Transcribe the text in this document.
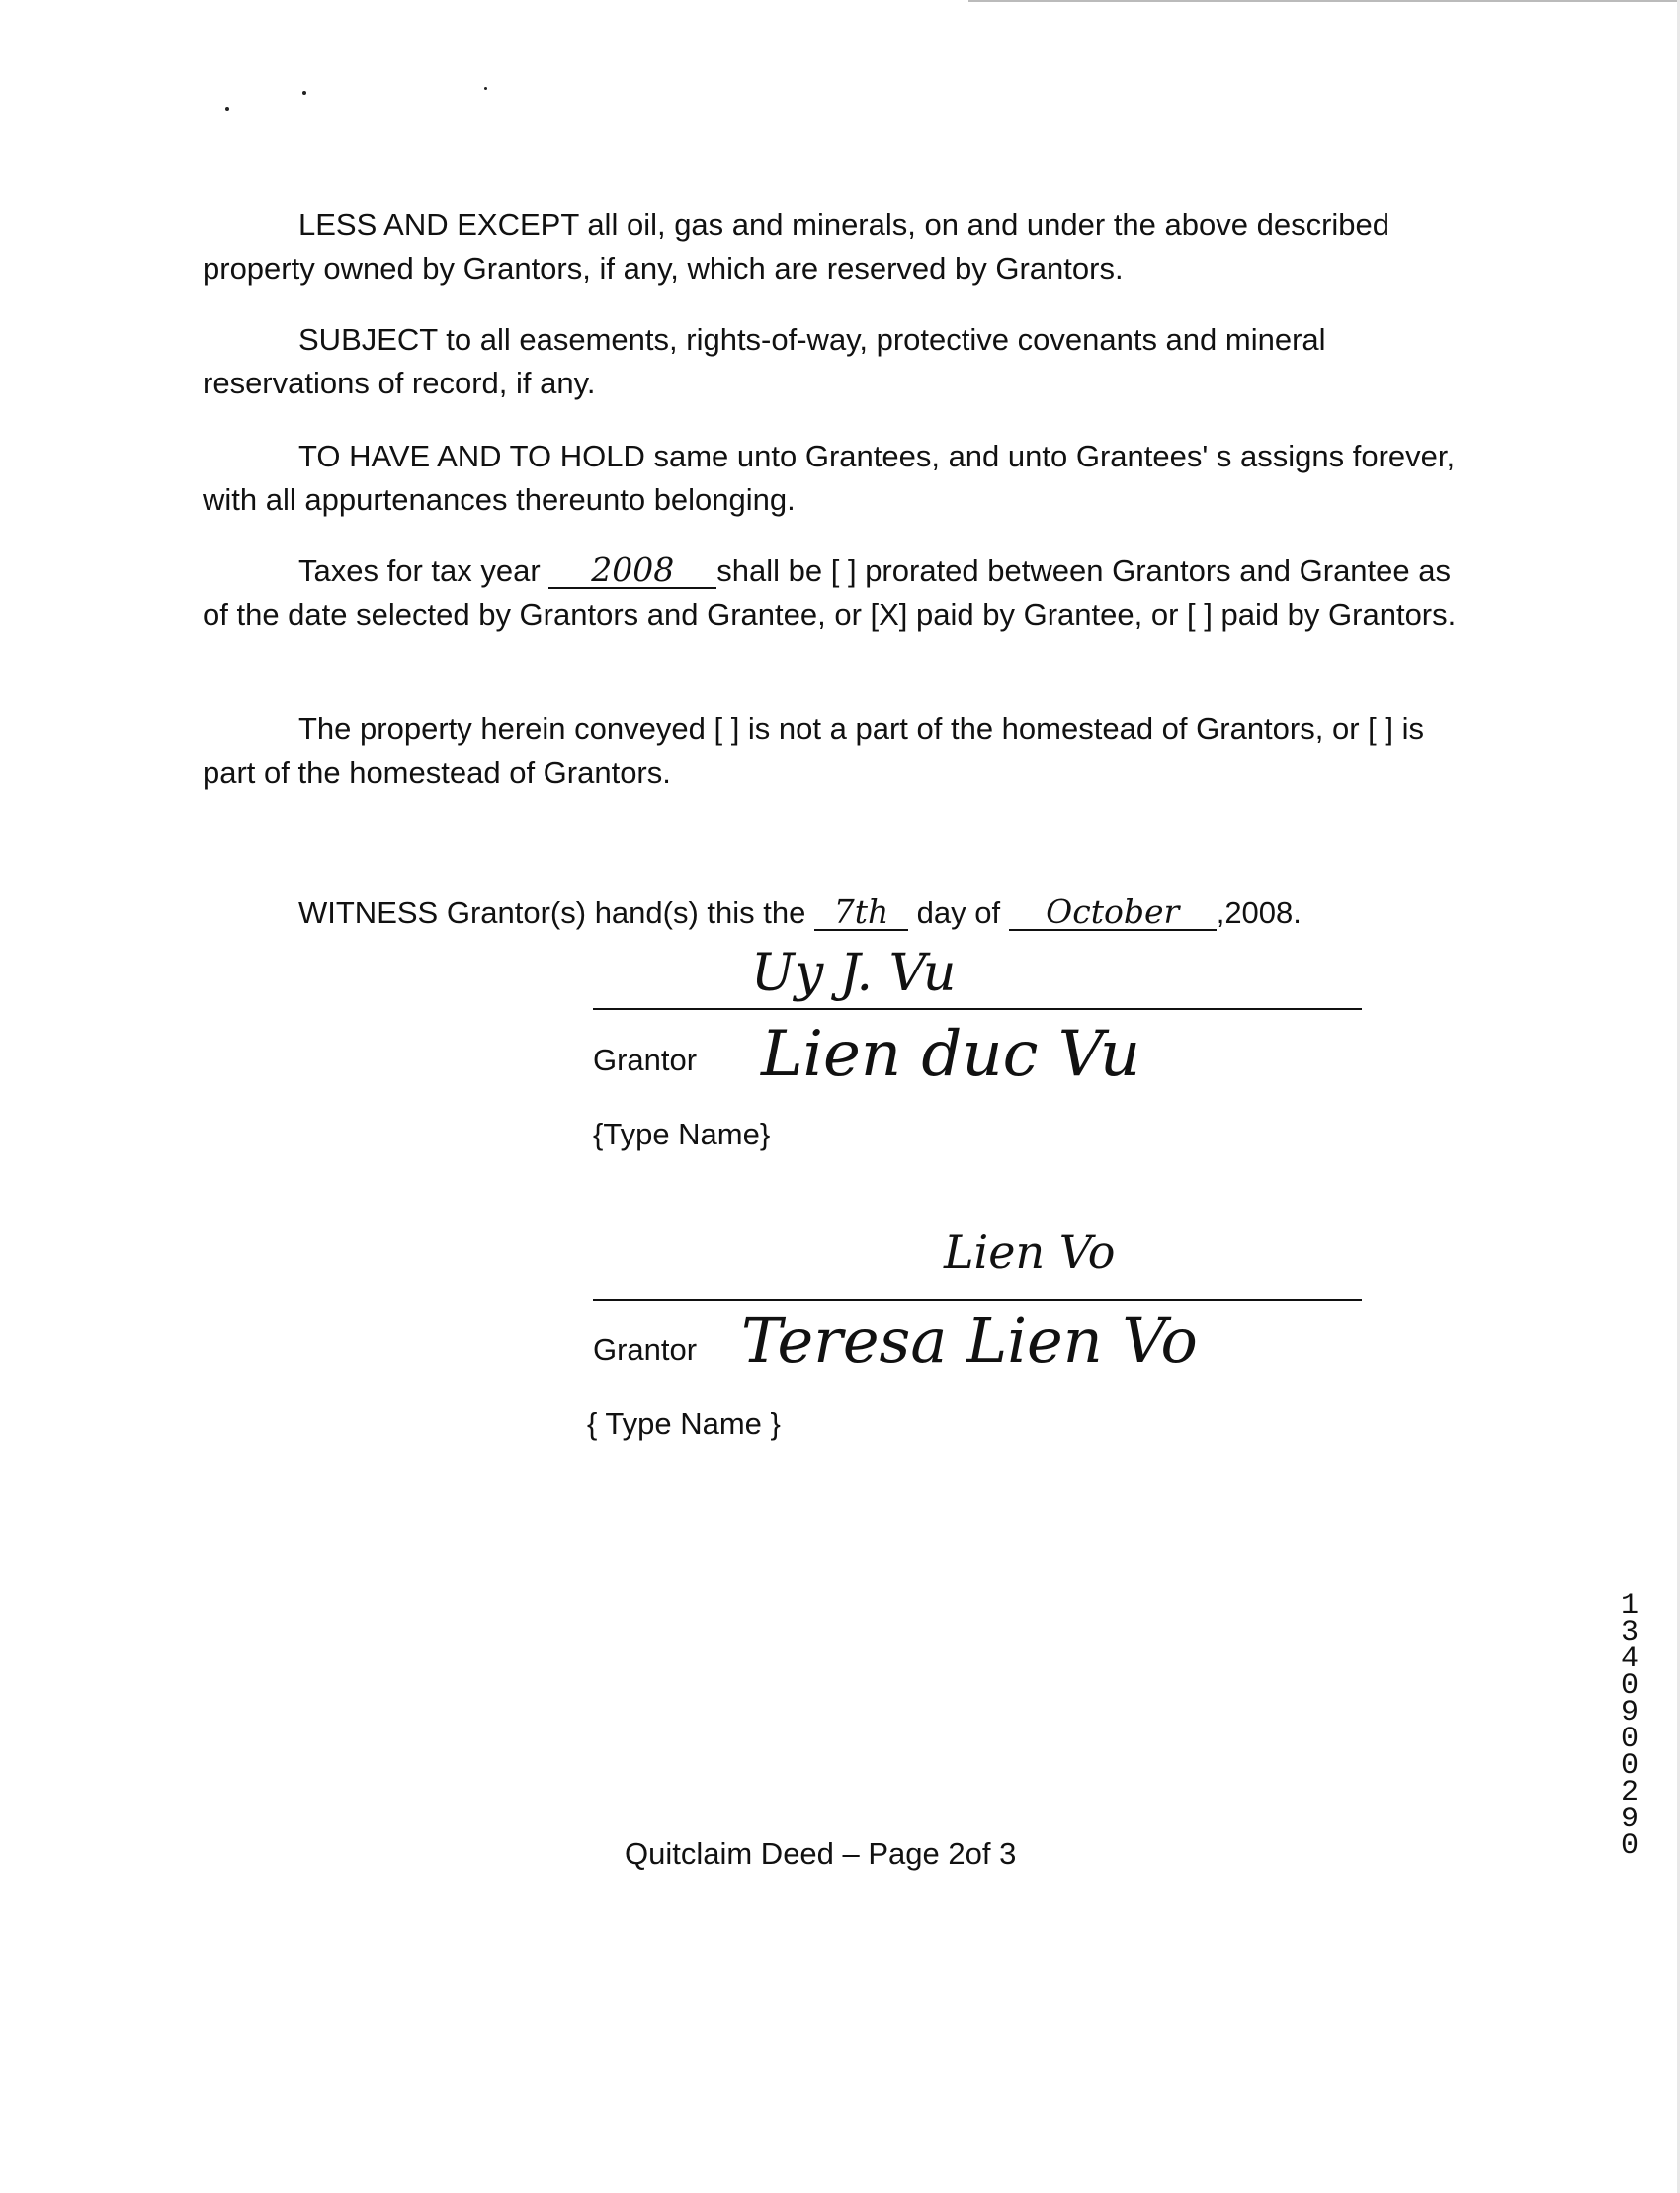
LESS AND EXCEPT all oil, gas and minerals, on and under the above described property owned by Grantors, if any, which are reserved by Grantors.

SUBJECT to all easements, rights-of-way, protective covenants and mineral reservations of record, if any.

TO HAVE AND TO HOLD same unto Grantees, and unto Grantees' s assigns forever, with all appurtenances thereunto belonging.

Taxes for tax year 2008 shall be [ ] prorated between Grantors and Grantee as of the date selected by Grantors and Grantee, or [X] paid by Grantee, or [ ] paid by Grantors.

The property herein conveyed [ ] is not a part of the homestead of Grantors, or [ ] is part of the homestead of Grantors.

WITNESS Grantor(s) hand(s) this the 7th day of October ,2008.

Uy J. Vu
Grantor Lien duc Vu
{Type Name}
Lien Vo
Grantor Teresa Lien Vo
{ Type Name }
13409 00290
Quitclaim Deed – Page 2of 3
